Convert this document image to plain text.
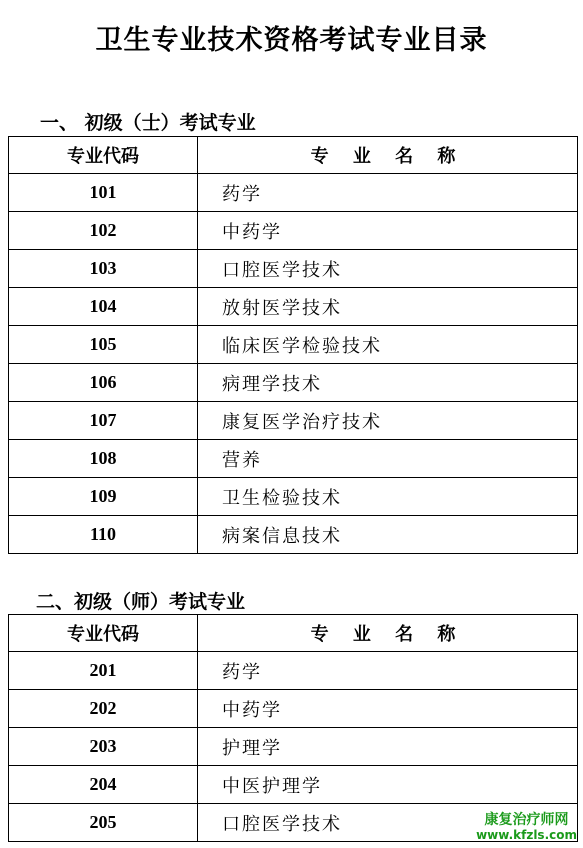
卫生专业技术资格考试专业目录
一、 初级（士）考试专业
专业代码	专 业 名 称
101	药学
102	中药学
103	口腔医学技术
104	放射医学技术
105	临床医学检验技术
106	病理学技术
107	康复医学治疗技术
108	营养
109	卫生检验技术
110	病案信息技术
二、初级（师）考试专业
专业代码	专 业 名 称
201	药学
202	中药学
203	护理学
204	中医护理学
205	口腔医学技术	康复治疗师网
www.kfzls.com
